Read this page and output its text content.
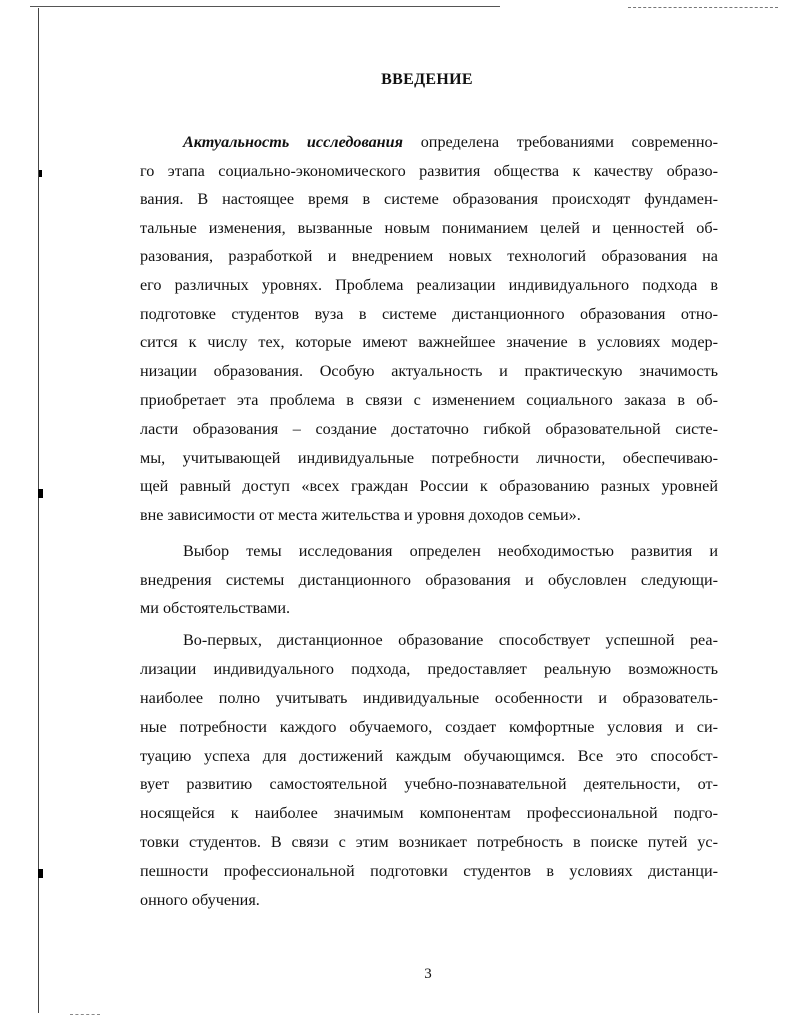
ВВЕДЕНИЕ
Актуальность исследования определена требованиями современно-
го этапа социально-экономического развития общества к качеству образо-
вания. В настоящее время в системе образования происходят фундамен-
тальные изменения, вызванные новым пониманием целей и ценностей об-
разования, разработкой и внедрением новых технологий образования на
его различных уровнях. Проблема реализации индивидуального подхода в
подготовке студентов вуза в системе дистанционного образования отно-
сится к числу тех, которые имеют важнейшее значение в условиях модер-
низации образования. Особую актуальность и практическую значимость
приобретает эта проблема в связи с изменением социального заказа в об-
ласти образования – создание достаточно гибкой образовательной систе-
мы, учитывающей индивидуальные потребности личности, обеспечиваю-
щей равный доступ «всех граждан России к образованию разных уровней
вне зависимости от места жительства и уровня доходов семьи».
Выбор темы исследования определен необходимостью развития и
внедрения системы дистанционного образования и обусловлен следующи-
ми обстоятельствами.
Во-первых, дистанционное образование способствует успешной реа-
лизации индивидуального подхода, предоставляет реальную возможность
наиболее полно учитывать индивидуальные особенности и образователь-
ные потребности каждого обучаемого, создает комфортные условия и си-
туацию успеха для достижений каждым обучающимся. Все это способст-
вует развитию самостоятельной учебно-познавательной деятельности, от-
носящейся к наиболее значимым компонентам профессиональной подго-
товки студентов. В связи с этим возникает потребность в поиске путей ус-
пешности профессиональной подготовки студентов в условиях дистанци-
онного обучения.
3
